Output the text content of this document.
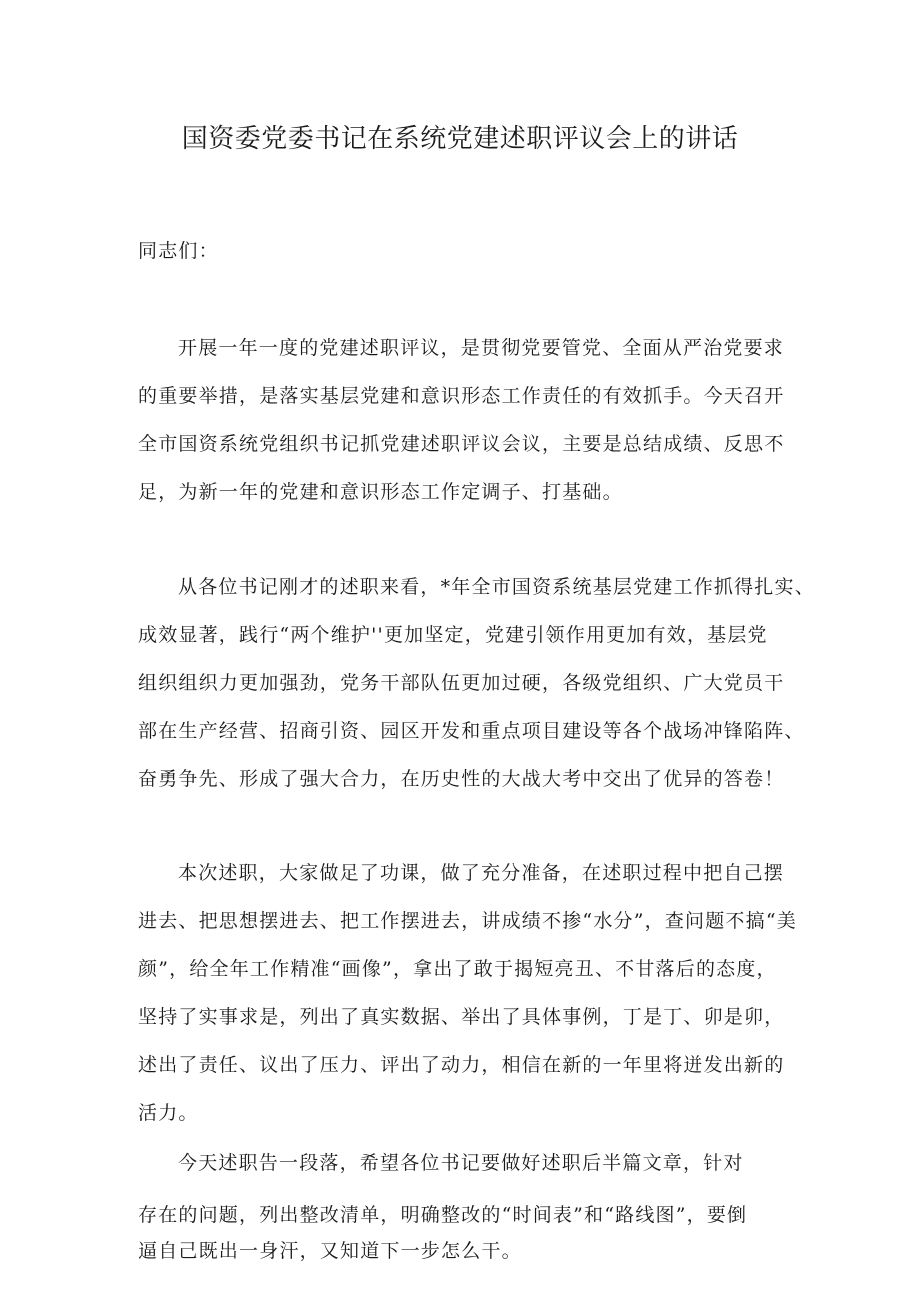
国资委党委书记在系统党建述职评议会上的讲话
同志们：
开展一年一度的党建述职评议，是贯彻党要管党、全面从严治党要求
的重要举措，是落实基层党建和意识形态工作责任的有效抓手。今天召开
全市国资系统党组织书记抓党建述职评议会议，主要是总结成绩、反思不
足，为新一年的党建和意识形态工作定调子、打基础。
从各位书记刚才的述职来看，*年全市国资系统基层党建工作抓得扎实、
成效显著，践行“两个维护''更加坚定，党建引领作用更加有效，基层党
组织组织力更加强劲，党务干部队伍更加过硬，各级党组织、广大党员干
部在生产经营、招商引资、园区开发和重点项目建设等各个战场冲锋陷阵、
奋勇争先、形成了强大合力，在历史性的大战大考中交出了优异的答卷！
本次述职，大家做足了功课，做了充分准备，在述职过程中把自己摆
进去、把思想摆进去、把工作摆进去，讲成绩不掺“水分”，查问题不搞“美
颜”，给全年工作精准“画像”，拿出了敢于揭短亮丑、不甘落后的态度，
坚持了实事求是，列出了真实数据、举出了具体事例，丁是丁、卯是卯，
述出了责任、议出了压力、评出了动力，相信在新的一年里将迸发出新的
活力。
今天述职告一段落，希望各位书记要做好述职后半篇文章，针对
存在的问题，列出整改清单，明确整改的“时间表”和“路线图”，要倒
逼自己既出一身汗，又知道下一步怎么干。
